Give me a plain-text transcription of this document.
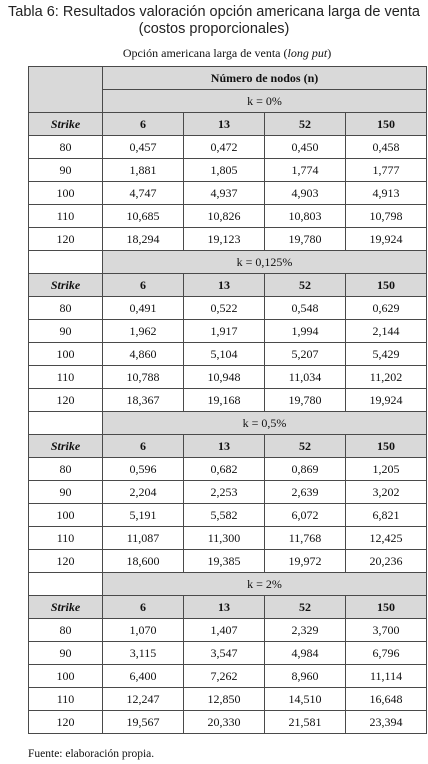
Tabla 6: Resultados valoración opción americana larga de venta
(costos proporcionales)
Opción americana larga de venta (long put)
	Número de nodos (n)			
	k = 0%			
Strike	6	13	52	150
80	0,457	0,472	0,450	0,458
90	1,881	1,805	1,774	1,777
100	4,747	4,937	4,903	4,913
110	10,685	10,826	10,803	10,798
120	18,294	19,123	19,780	19,924
	k = 0,125%			
Strike	6	13	52	150
80	0,491	0,522	0,548	0,629
90	1,962	1,917	1,994	2,144
100	4,860	5,104	5,207	5,429
110	10,788	10,948	11,034	11,202
120	18,367	19,168	19,780	19,924
	k = 0,5%			
Strike	6	13	52	150
80	0,596	0,682	0,869	1,205
90	2,204	2,253	2,639	3,202
100	5,191	5,582	6,072	6,821
110	11,087	11,300	11,768	12,425
120	18,600	19,385	19,972	20,236
	k = 2%			
Strike	6	13	52	150
80	1,070	1,407	2,329	3,700
90	3,115	3,547	4,984	6,796
100	6,400	7,262	8,960	11,114
110	12,247	12,850	14,510	16,648
120	19,567	20,330	21,581	23,394
Fuente: elaboración propia.
